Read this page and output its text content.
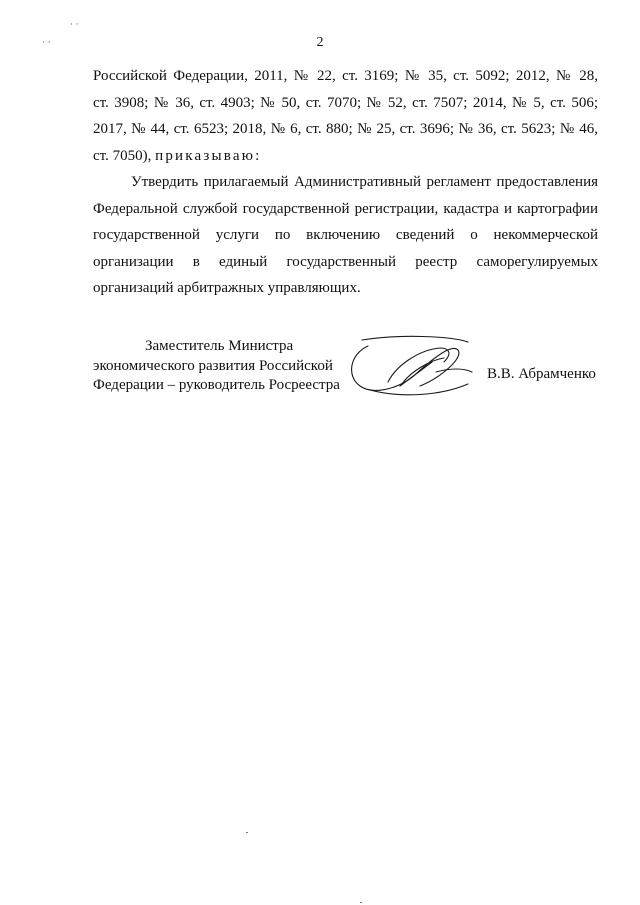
· ·
· ·	2
Российской Федерации, 2011, № 22, ст. 3169; № 35, ст. 5092; 2012, № 28,
ст. 3908; № 36, ст. 4903; № 50, ст. 7070; № 52, ст. 7507; 2014, № 5, ст. 506;
2017, № 44, ст. 6523; 2018, № 6, ст. 880; № 25, ст. 3696; № 36, ст. 5623; № 46,
ст. 7050), приказываю:
Утвердить прилагаемый Административный регламент предоставления
Федеральной службой государственной регистрации, кадастра и картографии
государственной услуги по включению сведений о некоммерческой
организации в единый государственный реестр саморегулируемых
организаций арбитражных управляющих.
Заместитель Министра
экономического развития Российской
Федерации – руководитель Росреестра
В.В. Абрамченко
